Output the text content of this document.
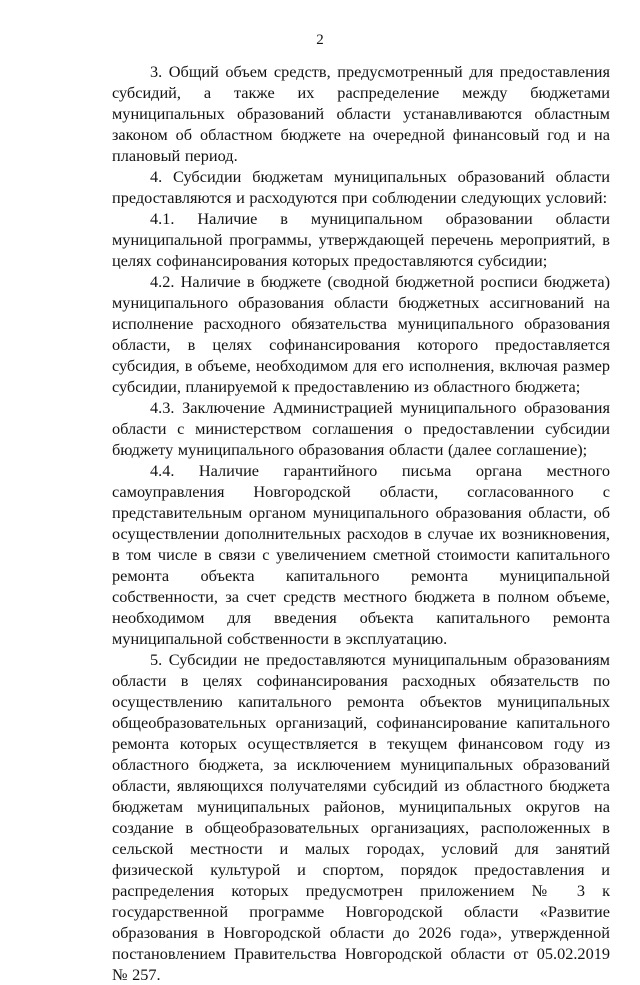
2

3. Общий объем средств, предусмотренный для предоставления субсидий, а также их распределение между бюджетами муниципальных образований области устанавливаются областным законом об областном бюджете на очередной финансовый год и на плановый период.

4. Субсидии бюджетам муниципальных образований области предоставляются и расходуются при соблюдении следующих условий:

4.1. Наличие в муниципальном образовании области муниципальной программы, утверждающей перечень мероприятий, в целях софинансирования которых предоставляются субсидии;

4.2. Наличие в бюджете (сводной бюджетной росписи бюджета) муниципального образования области бюджетных ассигнований на исполнение расходного обязательства муниципального образования области, в целях софинансирования которого предоставляется субсидия, в объеме, необходимом для его исполнения, включая размер субсидии, планируемой к предоставлению из областного бюджета;

4.3. Заключение Администрацией муниципального образования области с министерством соглашения о предоставлении субсидии бюджету муниципального образования области (далее соглашение);

4.4. Наличие гарантийного письма органа местного самоуправления Новгородской области, согласованного с представительным органом муниципального образования области, об осуществлении дополнительных расходов в случае их возникновения, в том числе в связи с увеличением сметной стоимости капитального ремонта объекта капитального ремонта муниципальной собственности, за счет средств местного бюджета в полном объеме, необходимом для введения объекта капитального ремонта муниципальной собственности в эксплуатацию.

5. Субсидии не предоставляются муниципальным образованиям области в целях софинансирования расходных обязательств по осуществлению капитального ремонта объектов муниципальных общеобразовательных организаций, софинансирование капитального ремонта которых осуществляется в текущем финансовом году из областного бюджета, за исключением муниципальных образований области, являющихся получателями субсидий из областного бюджета бюджетам муниципальных районов, муниципальных округов на создание в общеобразовательных организациях, расположенных в сельской местности и малых городах, условий для занятий физической культурой и спортом, порядок предоставления и распределения которых предусмотрен приложением № 3 к государственной программе Новгородской области «Развитие образования в Новгородской области до 2026 года», утвержденной постановлением Правительства Новгородской области от 05.02.2019 № 257.
